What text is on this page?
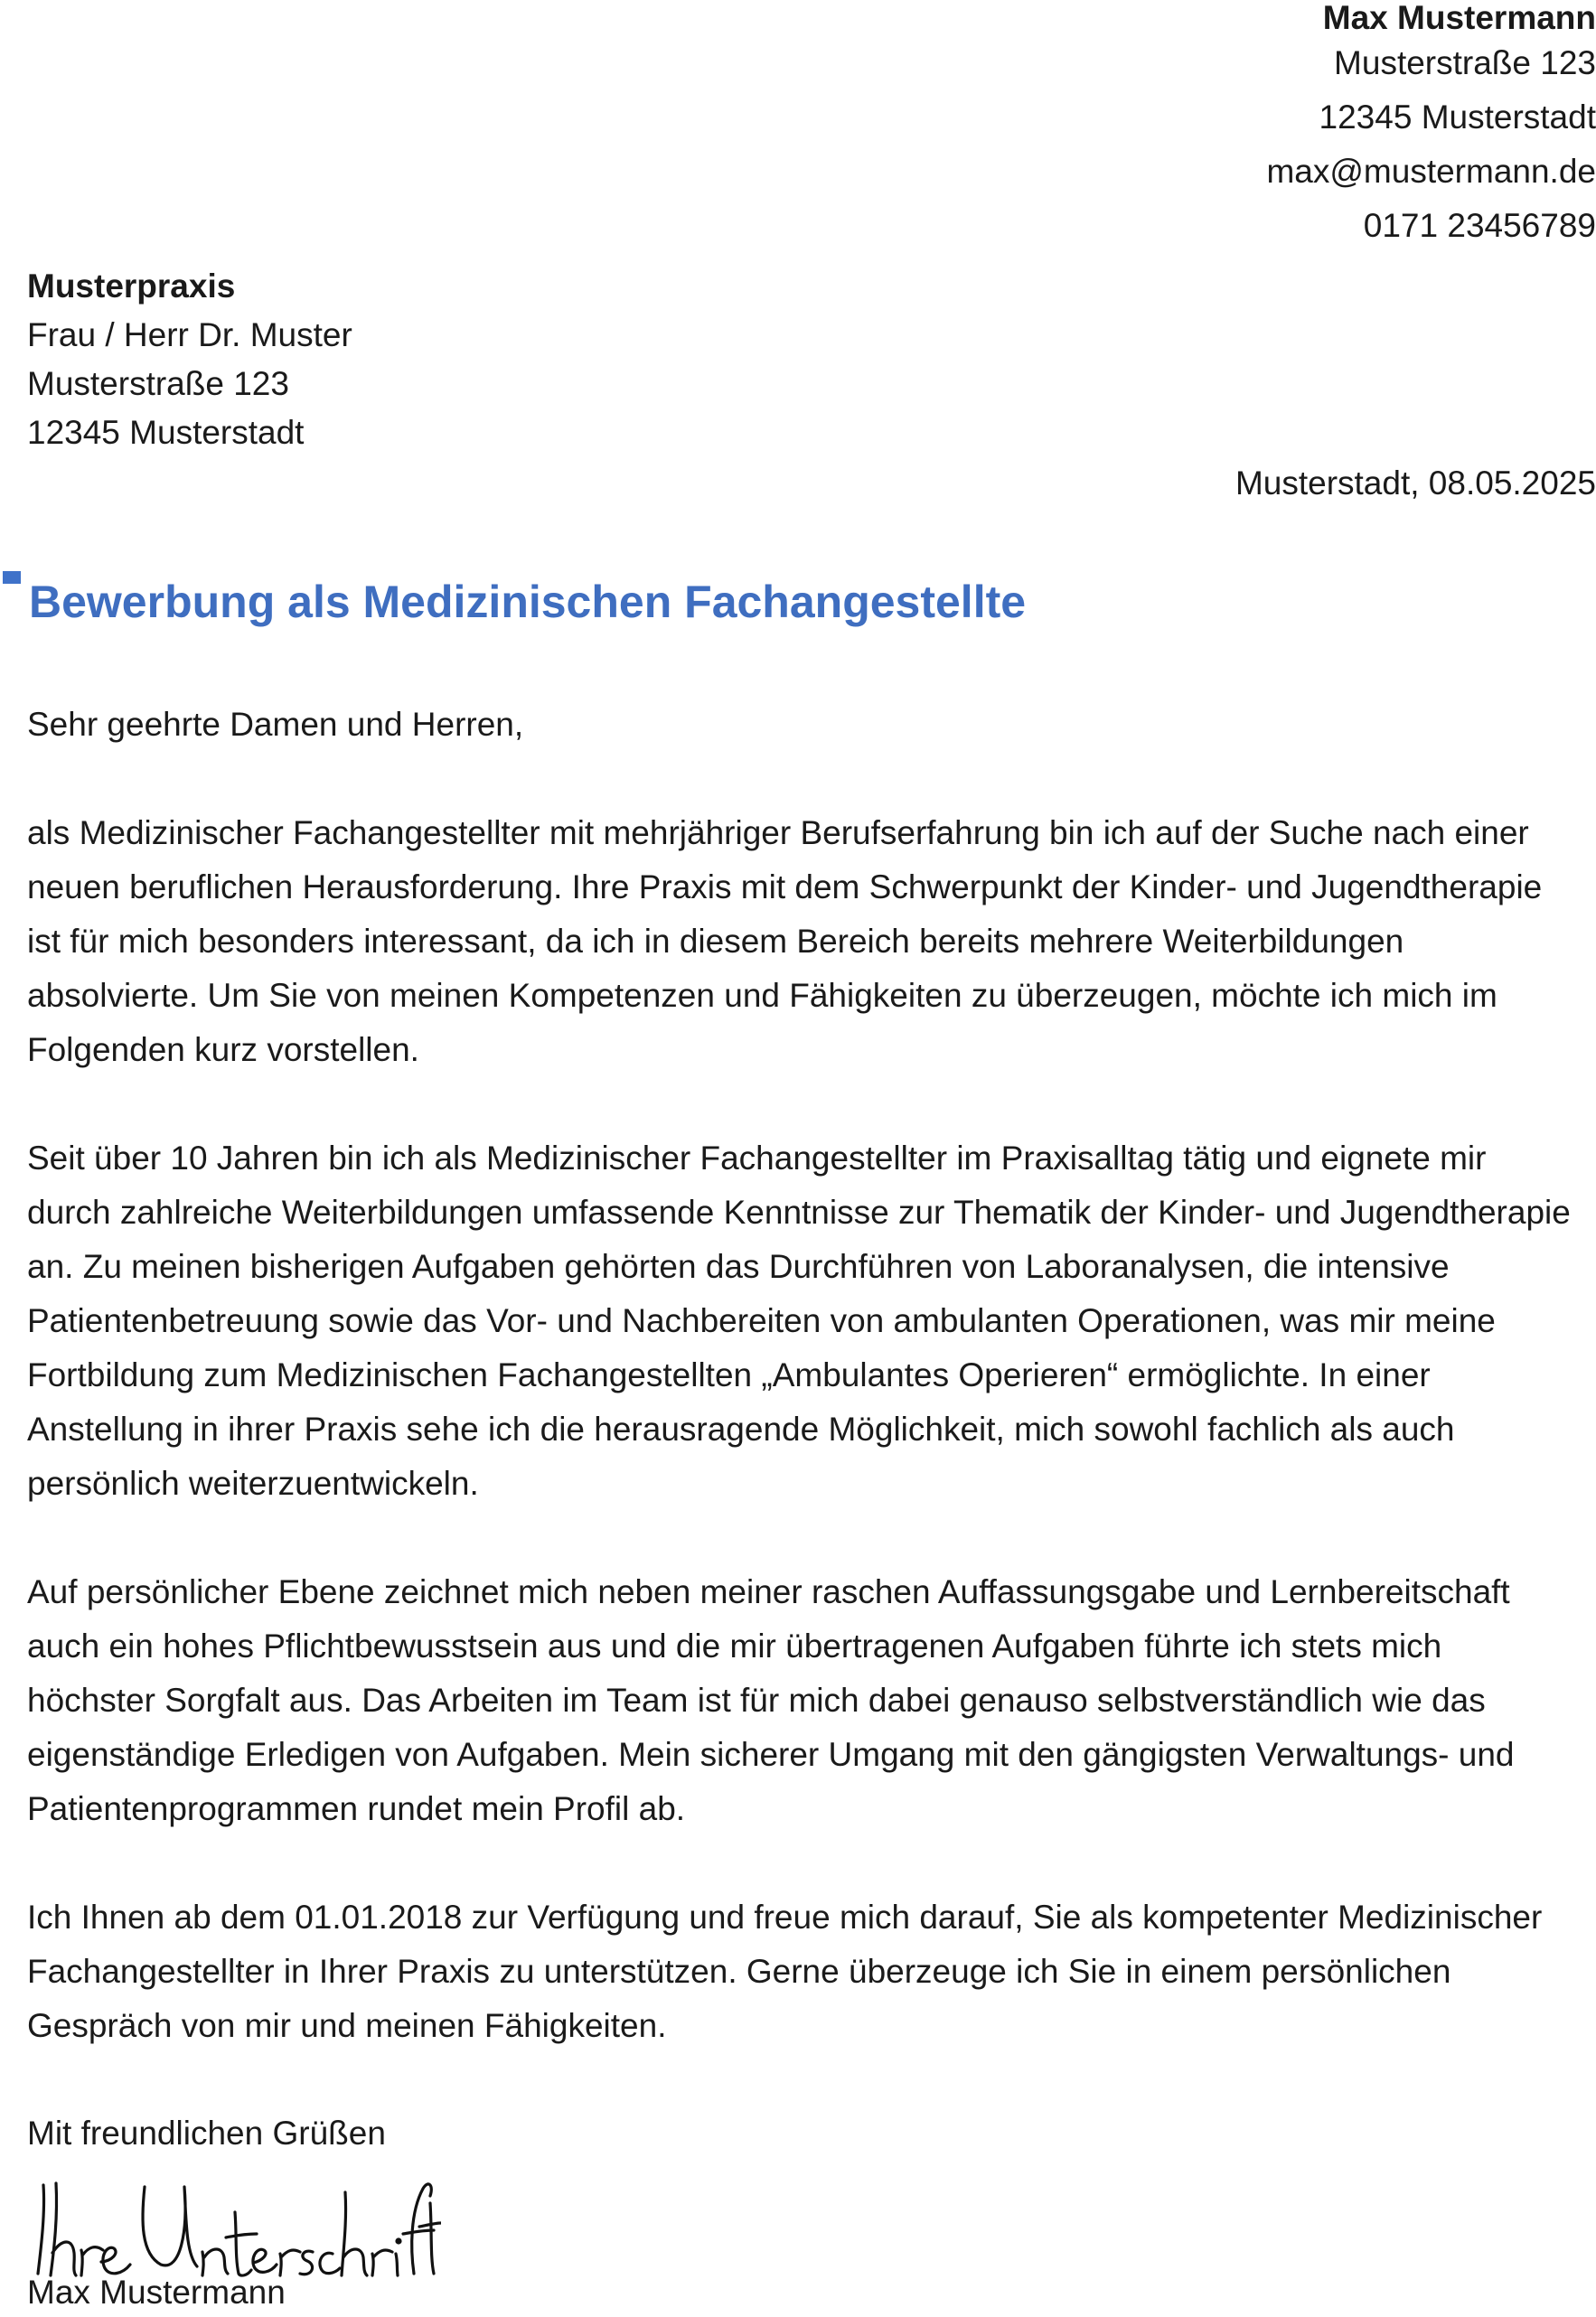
Max Mustermann
Musterstraße 123
12345 Musterstadt
max@mustermann.de
0171 23456789
Musterpraxis
Frau / Herr Dr. Muster
Musterstraße 123
12345 Musterstadt
Musterstadt, 08.05.2025
Bewerbung als Medizinischen Fachangestellte

Sehr geehrte Damen und Herren,

als Medizinischer Fachangestellter mit mehrjähriger Berufserfahrung bin ich auf der Suche nach einer neuen beruflichen Herausforderung. Ihre Praxis mit dem Schwerpunkt der Kinder- und Jugendtherapie ist für mich besonders interessant, da ich in diesem Bereich bereits mehrere Weiterbildungen absolvierte. Um Sie von meinen Kompetenzen und Fähigkeiten zu überzeugen, möchte ich mich im Folgenden kurz vorstellen.

Seit über 10 Jahren bin ich als Medizinischer Fachangestellter im Praxisalltag tätig und eignete mir durch zahlreiche Weiterbildungen umfassende Kenntnisse zur Thematik der Kinder- und Jugendtherapie an. Zu meinen bisherigen Aufgaben gehörten das Durchführen von Laboranalysen, die intensive Patientenbetreuung sowie das Vor- und Nachbereiten von ambulanten Operationen, was mir meine Fortbildung zum Medizinischen Fachangestellten „Ambulantes Operieren“ ermöglichte. In einer Anstellung in ihrer Praxis sehe ich die herausragende Möglichkeit, mich sowohl fachlich als auch persönlich weiterzuentwickeln.

Auf persönlicher Ebene zeichnet mich neben meiner raschen Auffassungsgabe und Lernbereitschaft auch ein hohes Pflichtbewusstsein aus und die mir übertragenen Aufgaben führte ich stets mich höchster Sorgfalt aus. Das Arbeiten im Team ist für mich dabei genauso selbstverständlich wie das eigenständige Erledigen von Aufgaben. Mein sicherer Umgang mit den gängigsten Verwaltungs- und Patientenprogrammen rundet mein Profil ab.

Ich Ihnen ab dem 01.01.2018 zur Verfügung und freue mich darauf, Sie als kompetenter Medizinischer Fachangestellter in Ihrer Praxis zu unterstützen. Gerne überzeuge ich Sie in einem persönlichen Gespräch von mir und meinen Fähigkeiten.

Mit freundlichen Grüßen
Max Mustermann
